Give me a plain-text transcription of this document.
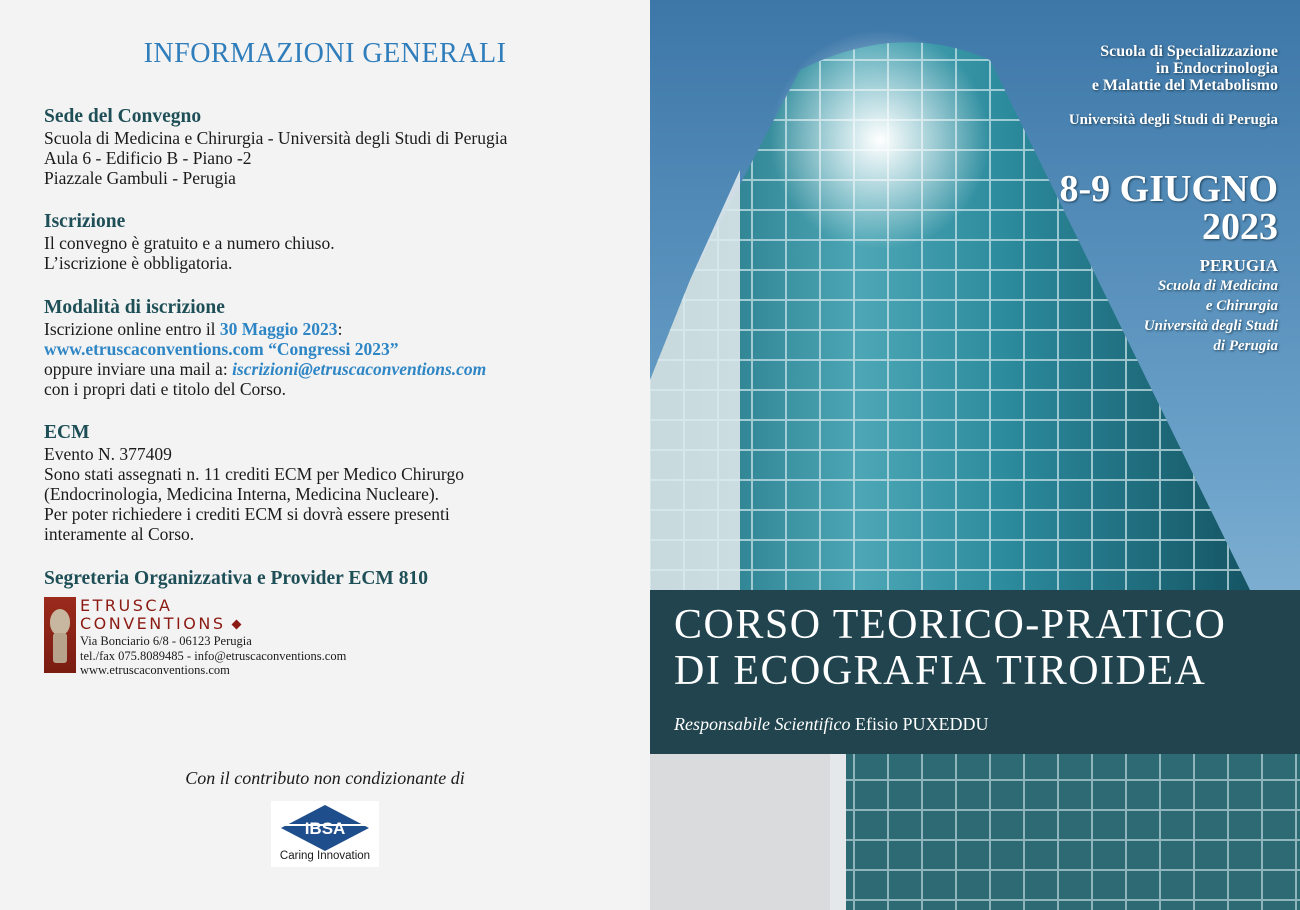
INFORMAZIONI GENERALI
Sede del Convegno
Scuola di Medicina e Chirurgia - Università degli Studi di Perugia
Aula 6 - Edificio B - Piano -2
Piazzale Gambuli - Perugia
Iscrizione
Il convegno è gratuito e a numero chiuso.
L’iscrizione è obbligatoria.
Modalità di iscrizione
Iscrizione online entro il 30 Maggio 2023:
www.etruscaconventions.com “Congressi 2023”
oppure inviare una mail a: iscrizioni@etruscaconventions.com
con i propri dati e titolo del Corso.
ECM
Evento N. 377409
Sono stati assegnati n. 11 crediti ECM per Medico Chirurgo
(Endocrinologia, Medicina Interna, Medicina Nucleare).
Per poter richiedere i crediti ECM si dovrà essere presenti
interamente al Corso.
Segreteria Organizzativa e Provider ECM 810
ETRUSCA
CONVENTIONS
Via Bonciario 6/8 - 06123 Perugia
tel./fax 075.8089485 - info@etruscaconventions.com
www.etruscaconventions.com
Con il contributo non condizionante di
IBSA
Caring Innovation
Scuola di Specializzazione
in Endocrinologia
e Malattie del Metabolismo
Università degli Studi di Perugia
8-9 GIUGNO
2023
PERUGIA
Scuola di Medicina
e Chirurgia
Università degli Studi
di Perugia
CORSO TEORICO-PRATICO
DI ECOGRAFIA TIROIDEA
Responsabile Scientifico Efisio PUXEDDU
